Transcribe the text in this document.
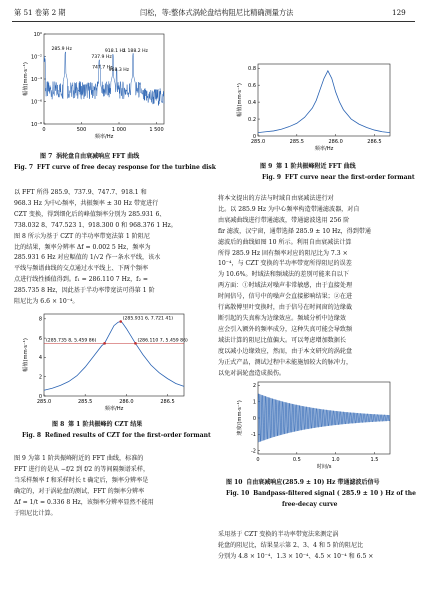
第 51 卷第 2 期	闫松，等:整体式涡轮盘结构阻尼比精确测量方法	129
0	500	1 000	1 500
10⁰
10⁻²
10⁻⁴
10⁻⁶
10⁻⁸
频率/Hz
幅值(mm·s⁻¹)
285.9 Hz
737.9 Hz
747.7 Hz
918.1 Hz
968.3 Hz
1 188.2 Hz
图 7 涡轮盘自由衰减响应 FFT 曲线
Fig. 7 FFT curve of free decay response for the turbine disk
285.0	285.5	286.0	286.5
0
0.2
0.4
0.6
0.8
频率/Hz
幅值(mm·s⁻¹)
图 9 第 1 阶共振峰附近 FFT 曲线
Fig. 9 FFT curve near the first-order formant
以 FFT 所得 285.9、737.9、747.7、918.1 和
968.3 Hz 为中心频率，共振频率 ± 30 Hz 带宽进行
CZT 变换，得到细化后的峰值频率分别为 285.931 6、
738.032 8、747.523 1、918.300 0 和 968.376 1 Hz。
图 8 所示为基于 CZT 的半功率带宽法第 1 阶阻尼
比的结果，频率分辨率 Δf = 0.002 5 Hz，频率为
285.931 6 Hz 对应幅值的 1/√2 作一条水平线，该水
平线与频谱曲线的交点通过水平线上、下两个频率
点进行线性插值得到。f₁ = 286.110 7 Hz，f₂ =
285.735 8 Hz，因此基于半功率带宽法可得第 1 阶
阻尼比为 6.6 × 10⁻⁴。
285.0	285.5	286.0	286.5
0
2
4
6
8
频率/Hz
幅值(mm·s⁻¹)
(285.931 6, 7.721 41)
(285.735 8, 5.459 86)	(286.110 7, 5.459 86)
图 8 第 1 阶共振峰的 CZT 结果
Fig. 8 Refined results of CZT for the first-order formant
图 9 为第 1 阶共振峰附近的 FFT 曲线，标准的
FFT 进行的是从 −f/2 到 f/2 的等间隔频谱采样，
当采样频率 f 和采样时长 t 确定后，频率分辨率是
确定的，对于涡轮盘的测试，FFT 的频率分辨率
Δf = 1/t = 0.336 8 Hz，该频率分辨率显然不能用
于阻尼比计算。
将本文提出的方法与时域自由衰减法进行对
比。以 285.9 Hz 为中心频率构造带通滤波器，对自
由衰减曲线进行带通滤波，带通滤波选用 256 阶
fir 滤波，汉宁窗，通带选择 285.9 ± 10 Hz，得到带通
滤波后的曲线如图 10 所示。利用自由衰减法计算
所得 285.9 Hz 固有频率对应的阻尼比为 7.3 ×
10⁻⁴，与 CZT 变换的半功率带宽所得阻尼的误差
为 10.6%。时域法和频域法的差别可能来自以下
两方面：①时域法对噪声非常敏感，由于直接处理
时间信号，信号中的噪声会直接影响结果；②在进
行离散傅里叶变换时，由于信号在时间窗的边缘截
断引起的失真称为边缘效应。频域分析中边缘效
应会引入额外的频率成分，这种失真可能会导致频
域法计算的阻尼比值偏大。可以考虑增加数据长
度以减小边缘效应，然而，由于本文研究的涡轮盘
为正式产品，测试过程中未能施加较大的脉冲力，
以免对涡轮盘造成损伤。
0	0.5	1.0	1.5
-2
-1
0
1
2
时间/s
速度/(mm·s⁻¹)
图 10 自由衰减响应(285.9 ± 10) Hz 带通滤波后信号
Fig. 10 Bandpass-filtered signal ( 285.9 ± 10 ) Hz of the
free-decay curve
采用基于 CZT 变换的半功率带宽法来测定涡
轮盘的阻尼比，结果显示第 2、3、4 和 5 阶的阻尼比
分别为 4.8 × 10⁻⁴、1.3 × 10⁻⁴、4.5 × 10⁻⁴ 和 6.5 ×
